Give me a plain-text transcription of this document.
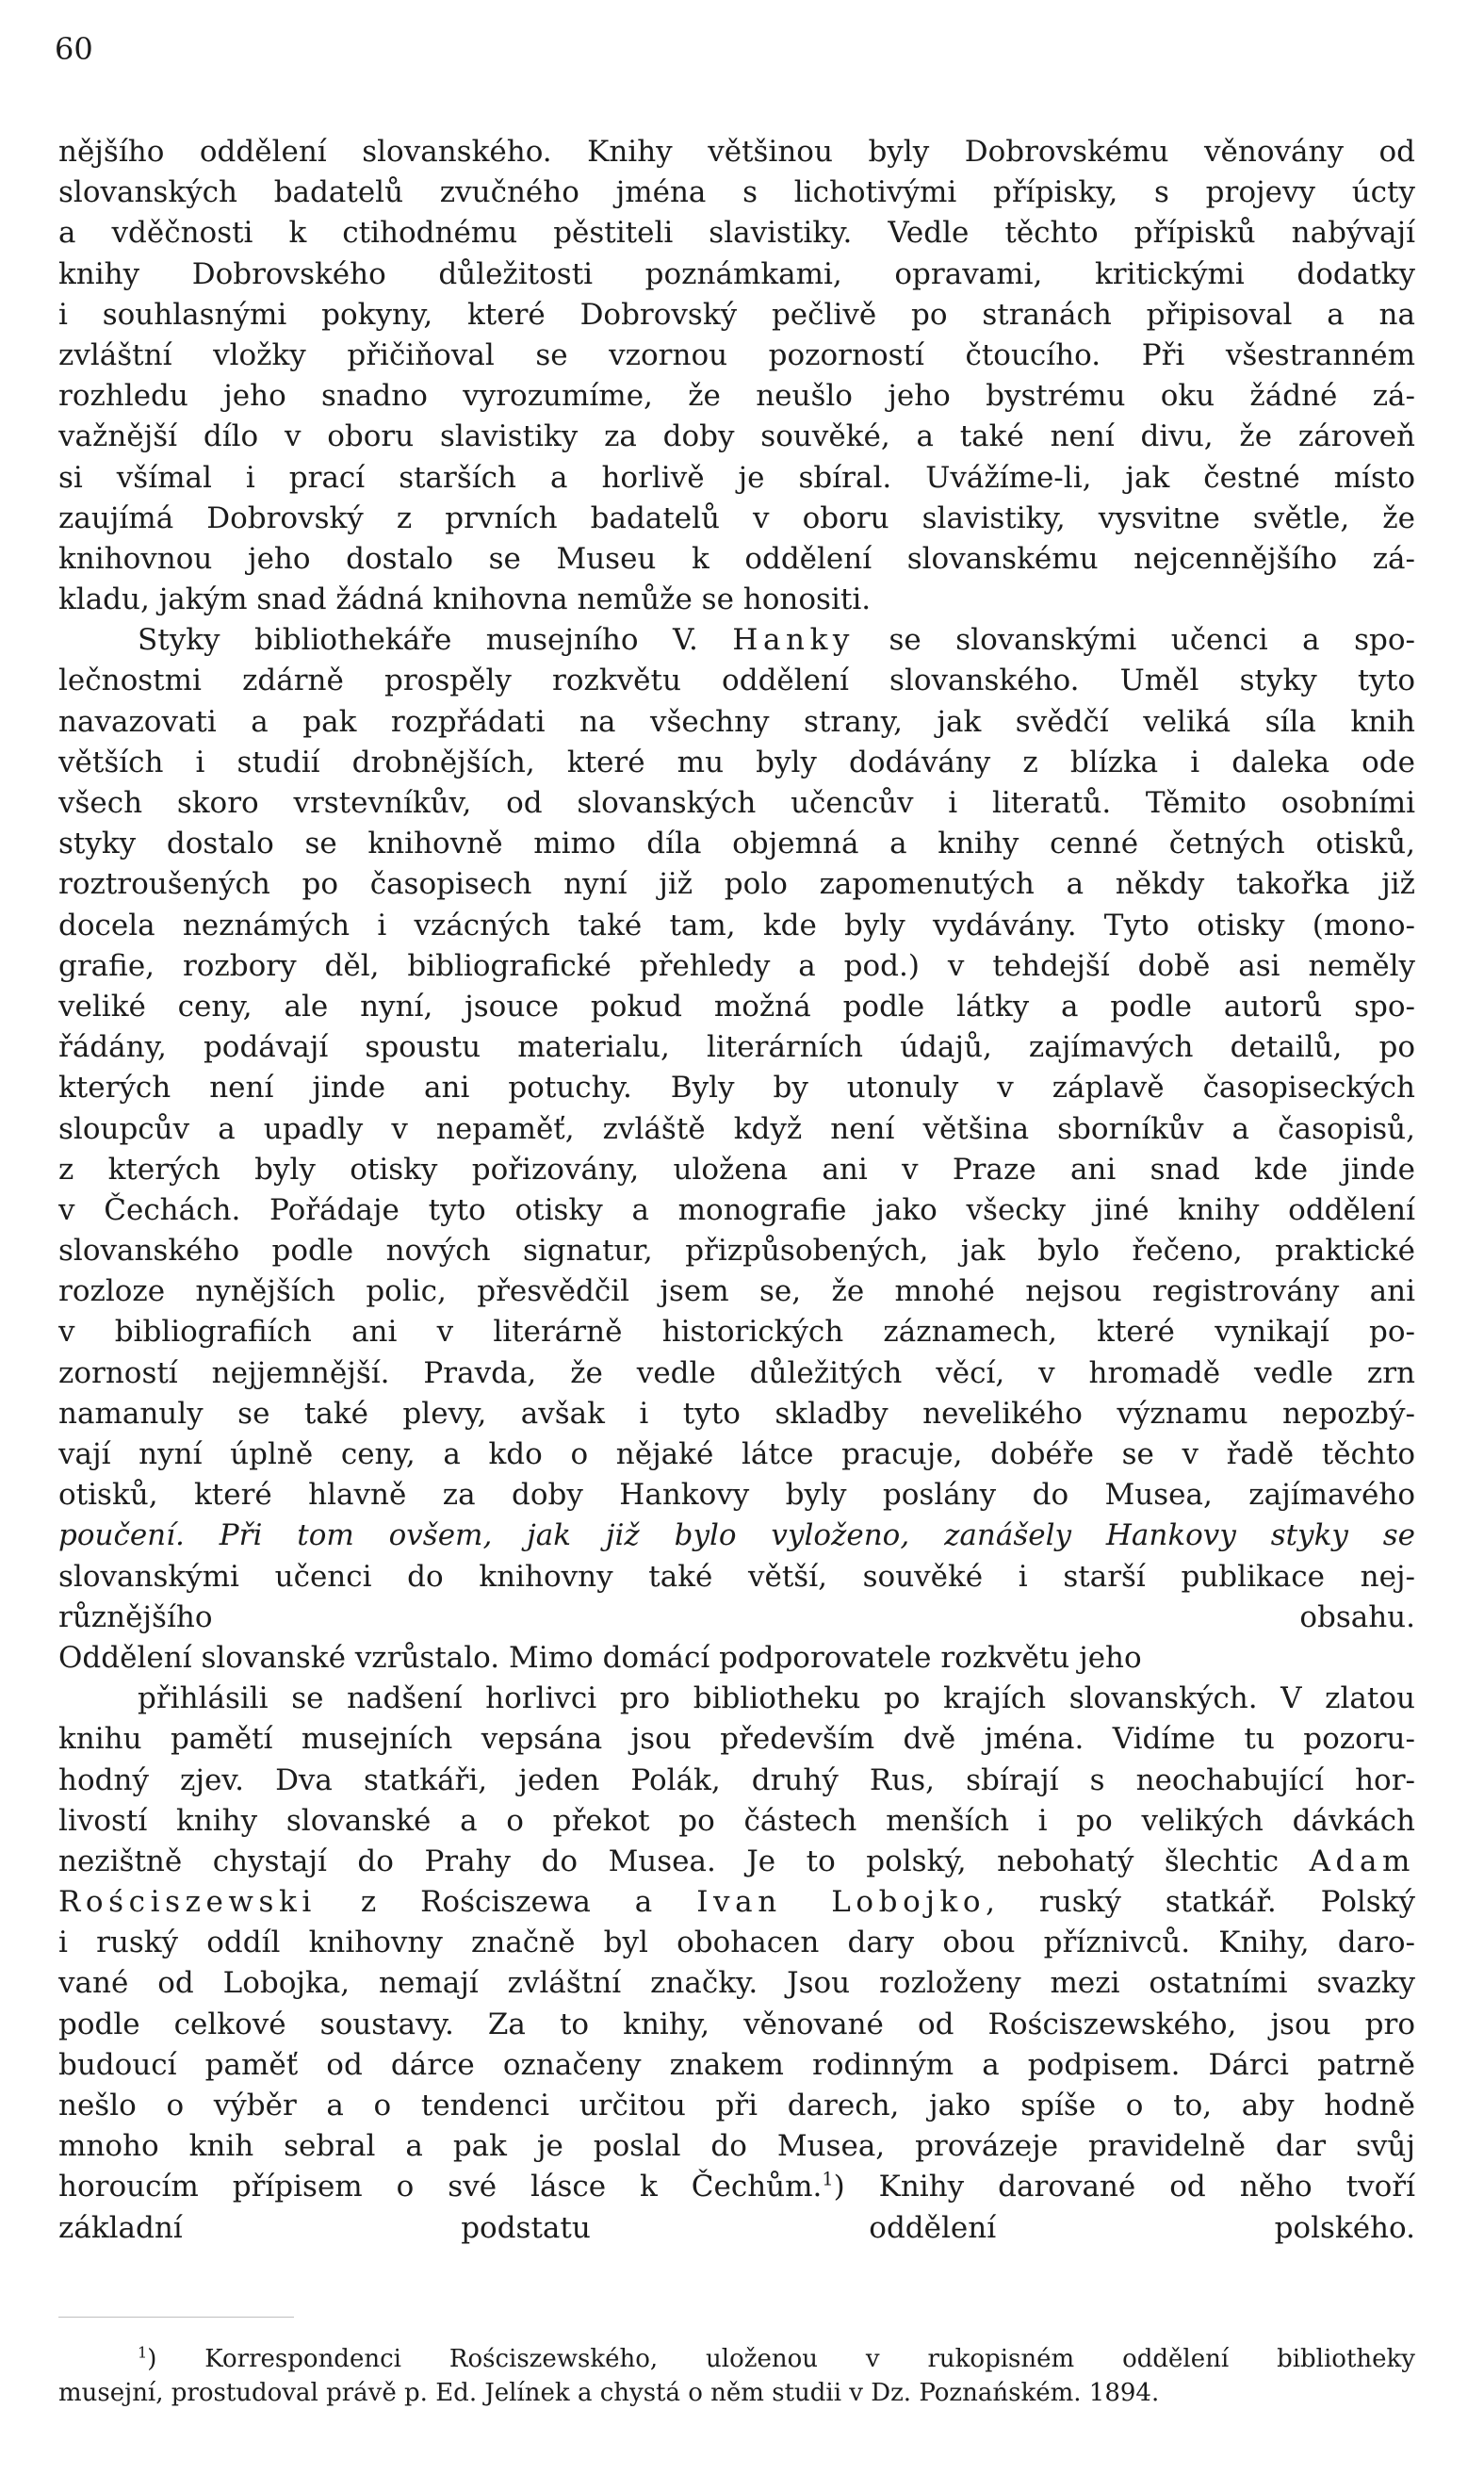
60
nějšího oddělení slovanského. Knihy většinou byly Dobrovskému věnovány od
slovanských badatelů zvučného jména s lichotivými přípisky, s projevy úcty
a vděčnosti k ctihodnému pěstiteli slavistiky. Vedle těchto přípisků nabývají
knihy Dobrovského důležitosti poznámkami, opravami, kritickými dodatky
i souhlasnými pokyny, které Dobrovský pečlivě po stranách připisoval a na
zvláštní vložky přičiňoval se vzornou pozorností čtoucího. Při všestranném
rozhledu jeho snadno vyrozumíme, že neušlo jeho bystrému oku žádné zá-
važnější dílo v oboru slavistiky za doby souvěké, a také není divu, že zároveň
si všímal i prací starších a horlivě je sbíral. Uvážíme-li, jak čestné místo
zaujímá Dobrovský z prvních badatelů v oboru slavistiky, vysvitne světle, že
knihovnou jeho dostalo se Museu k oddělení slovanskému nejcennějšího zá-
kladu, jakým snad žádná knihovna nemůže se honositi.
Styky bibliothekáře musejního V. Hanky se slovanskými učenci a spo-
lečnostmi zdárně prospěly rozkvětu oddělení slovanského. Uměl styky tyto
navazovati a pak rozpřádati na všechny strany, jak svědčí veliká síla knih
větších i studií drobnějších, které mu byly dodávány z blízka i daleka ode
všech skoro vrstevníkův, od slovanských učencův i literatů. Těmito osobními
styky dostalo se knihovně mimo díla objemná a knihy cenné četných otisků,
roztroušených po časopisech nyní již polo zapomenutých a někdy takořka již
docela neznámých i vzácných také tam, kde byly vydávány. Tyto otisky (mono-
grafie, rozbory děl, bibliografické přehledy a pod.) v tehdejší době asi neměly
veliké ceny, ale nyní, jsouce pokud možná podle látky a podle autorů spo-
řádány, podávají spoustu materialu, literárních údajů, zajímavých detailů, po
kterých není jinde ani potuchy. Byly by utonuly v záplavě časopiseckých
sloupcův a upadly v nepaměť, zvláště když není většina sborníkův a časopisů,
z kterých byly otisky pořizovány, uložena ani v Praze ani snad kde jinde
v Čechách. Pořádaje tyto otisky a monografie jako všecky jiné knihy oddělení
slovanského podle nových signatur, přizpůsobených, jak bylo řečeno, praktické
rozloze nynějších polic, přesvědčil jsem se, že mnohé nejsou registrovány ani
v bibliografiích ani v literárně historických záznamech, které vynikají po-
zorností nejjemnější. Pravda, že vedle důležitých věcí, v hromadě vedle zrn
namanuly se také plevy, avšak i tyto skladby nevelikého významu nepozbý-
vají nyní úplně ceny, a kdo o nějaké látce pracuje, dobéře se v řadě těchto
otisků, které hlavně za doby Hankovy byly poslány do Musea, zajímavého
poučení. Při tom ovšem, jak již bylo vyloženo, zanášely Hankovy styky se
slovanskými učenci do knihovny také větší, souvěké i starší publikace nej-
různějšího obsahu.
Oddělení slovanské vzrůstalo. Mimo domácí podporovatele rozkvětu jeho
přihlásili se nadšení horlivci pro bibliotheku po krajích slovanských. V zlatou
knihu pamětí musejních vepsána jsou především dvě jména. Vidíme tu pozoru-
hodný zjev. Dva statkáři, jeden Polák, druhý Rus, sbírají s neochabující hor-
livostí knihy slovanské a o překot po částech menších i po velikých dávkách
nezištně chystají do Prahy do Musea. Je to polský, nebohatý šlechtic Adam
Rościszewski z Rościszewa a Ivan Lobojko, ruský statkář. Polský
i ruský oddíl knihovny značně byl obohacen dary obou příznivců. Knihy, daro-
vané od Lobojka, nemají zvláštní značky. Jsou rozloženy mezi ostatními svazky
podle celkové soustavy. Za to knihy, věnované od Rościszewského, jsou pro
budoucí paměť od dárce označeny znakem rodinným a podpisem. Dárci patrně
nešlo o výběr a o tendenci určitou při darech, jako spíše o to, aby hodně
mnoho knih sebral a pak je poslal do Musea, provázeje pravidelně dar svůj
horoucím přípisem o své lásce k Čechům.$^1$) Knihy darované od něho tvoří
základní podstatu oddělení polského.
$^1$) Korrespondenci Rościszewského, uloženou v rukopisném oddělení bibliotheky
musejní, prostudoval právě p. Ed. Jelínek a chystá o něm studii v Dz. Poznańském. 1894.
